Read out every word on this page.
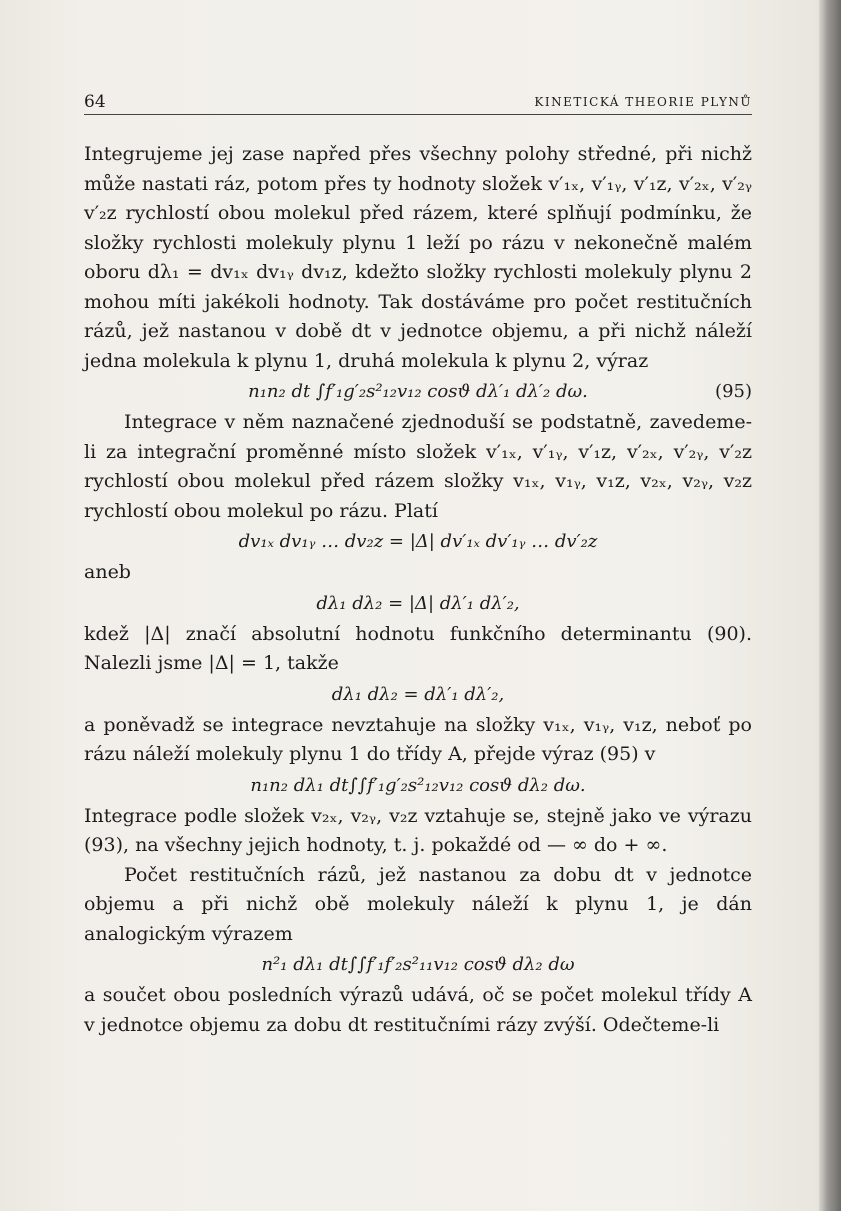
64	KINETICKÁ THEORIE PLYNŮ

Integrujeme jej zase napřed přes všechny polohy středné, při nichž může nastati ráz, potom přes ty hodnoty složek v′₁ₓ, v′₁ᵧ, v′₁z, v′₂ₓ, v′₂ᵧ v′₂z rychlostí obou molekul před rázem, které splňují podmínku, že složky rychlosti molekuly plynu 1 leží po rázu v nekonečně malém oboru dλ₁ = dv₁ₓ dv₁ᵧ dv₁z, kdežto složky rychlosti molekuly plynu 2 mohou míti jakékoli hodnoty. Tak dostáváme pro počet restitučních rázů, jež nastanou v době dt v jednotce objemu, a při nichž náleží jedna molekula k plynu 1, druhá molekula k plynu 2, výraz

n₁n₂ dt ∫f′₁g′₂s²₁₂v₁₂ cosϑ dλ′₁ dλ′₂ dω.	(95)

Integrace v něm naznačené zjednoduší se podstatně, zavedeme-li za integrační proměnné místo složek v′₁ₓ, v′₁ᵧ, v′₁z, v′₂ₓ, v′₂ᵧ, v′₂z rychlostí obou molekul před rázem složky v₁ₓ, v₁ᵧ, v₁z, v₂ₓ, v₂ᵧ, v₂z rychlostí obou molekul po rázu. Platí

dv₁ₓ dv₁ᵧ … dv₂z = |Δ| dv′₁ₓ dv′₁ᵧ … dv′₂z

aneb

dλ₁ dλ₂ = |Δ| dλ′₁ dλ′₂,

kdež |Δ| značí absolutní hodnotu funkčního determinantu (90). Nalezli jsme |Δ| = 1, takže

dλ₁ dλ₂ = dλ′₁ dλ′₂,

a poněvadž se integrace nevztahuje na složky v₁ₓ, v₁ᵧ, v₁z, neboť po rázu náleží molekuly plynu 1 do třídy A, přejde výraz (95) v

n₁n₂ dλ₁ dt∫∫f′₁g′₂s²₁₂v₁₂ cosϑ dλ₂ dω.

Integrace podle složek v₂ₓ, v₂ᵧ, v₂z vztahuje se, stejně jako ve výrazu (93), na všechny jejich hodnoty, t. j. pokaždé od — ∞ do + ∞.

Počet restitučních rázů, jež nastanou za dobu dt v jednotce objemu a při nichž obě molekuly náleží k plynu 1, je dán analogickým výrazem

n²₁ dλ₁ dt∫∫f′₁f′₂s²₁₁v₁₂ cosϑ dλ₂ dω

a součet obou posledních výrazů udává, oč se počet molekul třídy A v jednotce objemu za dobu dt restitučními rázy zvýší. Odečteme-li
